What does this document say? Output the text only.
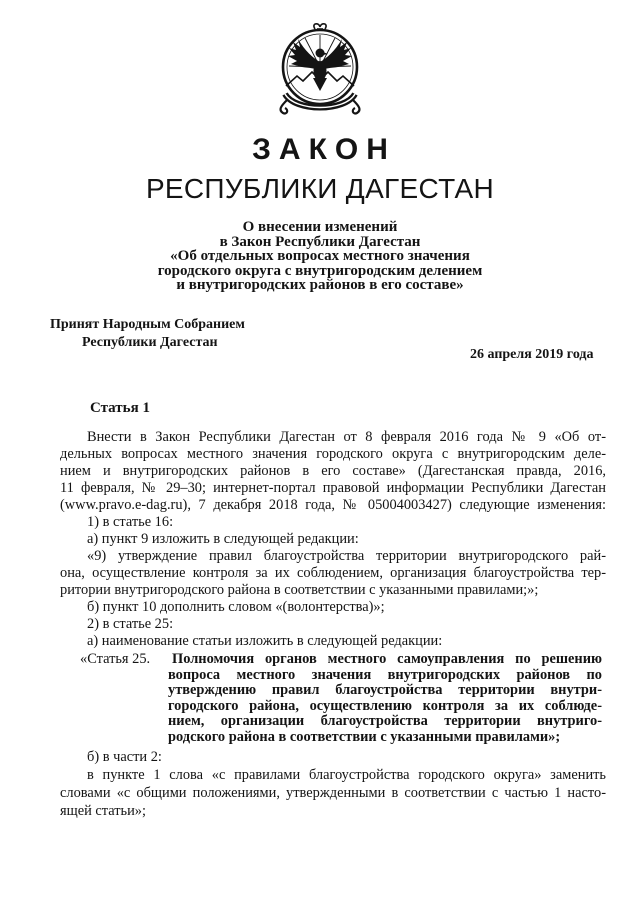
ЗАКОН
РЕСПУБЛИКИ ДАГЕСТАН
О внесении изменений
в Закон Республики Дагестан
«Об отдельных вопросах местного значения
городского округа с внутригородским делением
и внутригородских районов в его составе»
Принят Народным Собранием
Республики Дагестан
26 апреля 2019 года
Статья 1
Внести в Закон Республики Дагестан от 8 февраля 2016 года № 9 «Об от-
дельных вопросах местного значения городского округа с внутригородским деле-
нием и внутригородских районов в его составе» (Дагестанская правда, 2016,
11 февраля, № 29–30; интернет-портал правовой информации Республики Дагестан
(www.pravo.e-dag.ru), 7 декабря 2018 года, № 05004003427) следующие изменения:
1) в статье 16:
а) пункт 9 изложить в следующей редакции:
«9) утверждение правил благоустройства территории внутригородского рай-
она, осуществление контроля за их соблюдением, организация благоустройства тер-
ритории внутригородского района в соответствии с указанными правилами;»;
б) пункт 10 дополнить словом «(волонтерства)»;
2) в статье 25:
а) наименование статьи изложить в следующей редакции:
«Статья 25. Полномочия органов местного самоуправления по решению
вопроса местного значения внутригородских районов по
утверждению правил благоустройства территории внутри-
городского района, осуществлению контроля за их соблюде-
нием, организации благоустройства территории внутриго-
родского района в соответствии с указанными правилами»;
б) в части 2:
в пункте 1 слова «с правилами благоустройства городского округа» заменить
словами «с общими положениями, утвержденными в соответствии с частью 1 насто-
ящей статьи»;
